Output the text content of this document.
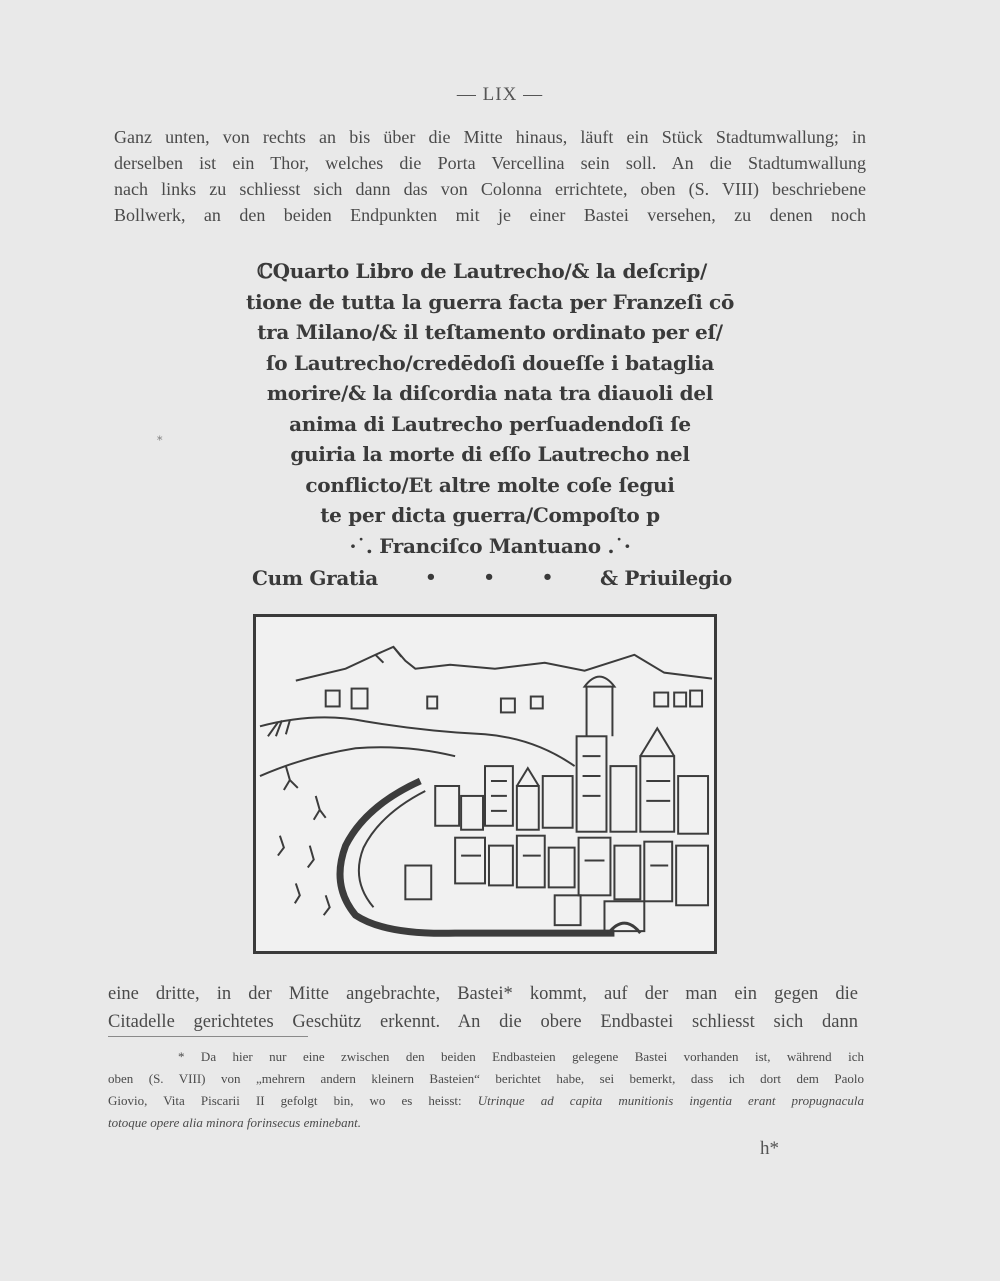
— LIX —
Ganz unten, von rechts an bis über die Mitte hinaus, läuft ein Stück Stadtumwallung; in
derselben ist ein Thor, welches die Porta Vercellina sein soll. An die Stadtumwallung
nach links zu schliesst sich dann das von Colonna errichtete, oben (S. VIII) beschriebene
Bollwerk, an den beiden Endpunkten mit je einer Bastei versehen, zu denen noch
ℂQuarto Libro de Lautrecho/& la deſcrip/
tione de tutta la guerra facta per Franzeſi cō
tra Milano/& il teſtamento ordinato per eſ/
ſo Lautrecho/credēdoſi doueſſe i bataglia
morire/& la diſcordia nata tra diauoli del
anima di Lautrecho perſuadendoſi ſe
guiria la morte di eſſo Lautrecho nel
conflicto/Et altre molte coſe ſegui
te per dicta guerra/Compoſto p
·˙. Franciſco Mantuano .˙·
Cum Gratia	•	•	• & Priuilegio
*
eine dritte, in der Mitte angebrachte, Bastei* kommt, auf der man ein gegen die
Citadelle gerichtetes Geschütz erkennt. An die obere Endbastei schliesst sich dann
* Da hier nur eine zwischen den beiden Endbasteien gelegene Bastei vorhanden ist, während ich
oben (S. VIII) von „mehrern andern kleinern Basteien“ berichtet habe, sei bemerkt, dass ich dort dem Paolo
Giovio, Vita Piscarii II gefolgt bin, wo es heisst: Utrinque ad capita munitionis ingentia erant propugnacula
totoque opere alia minora forinsecus eminebant.
h*
